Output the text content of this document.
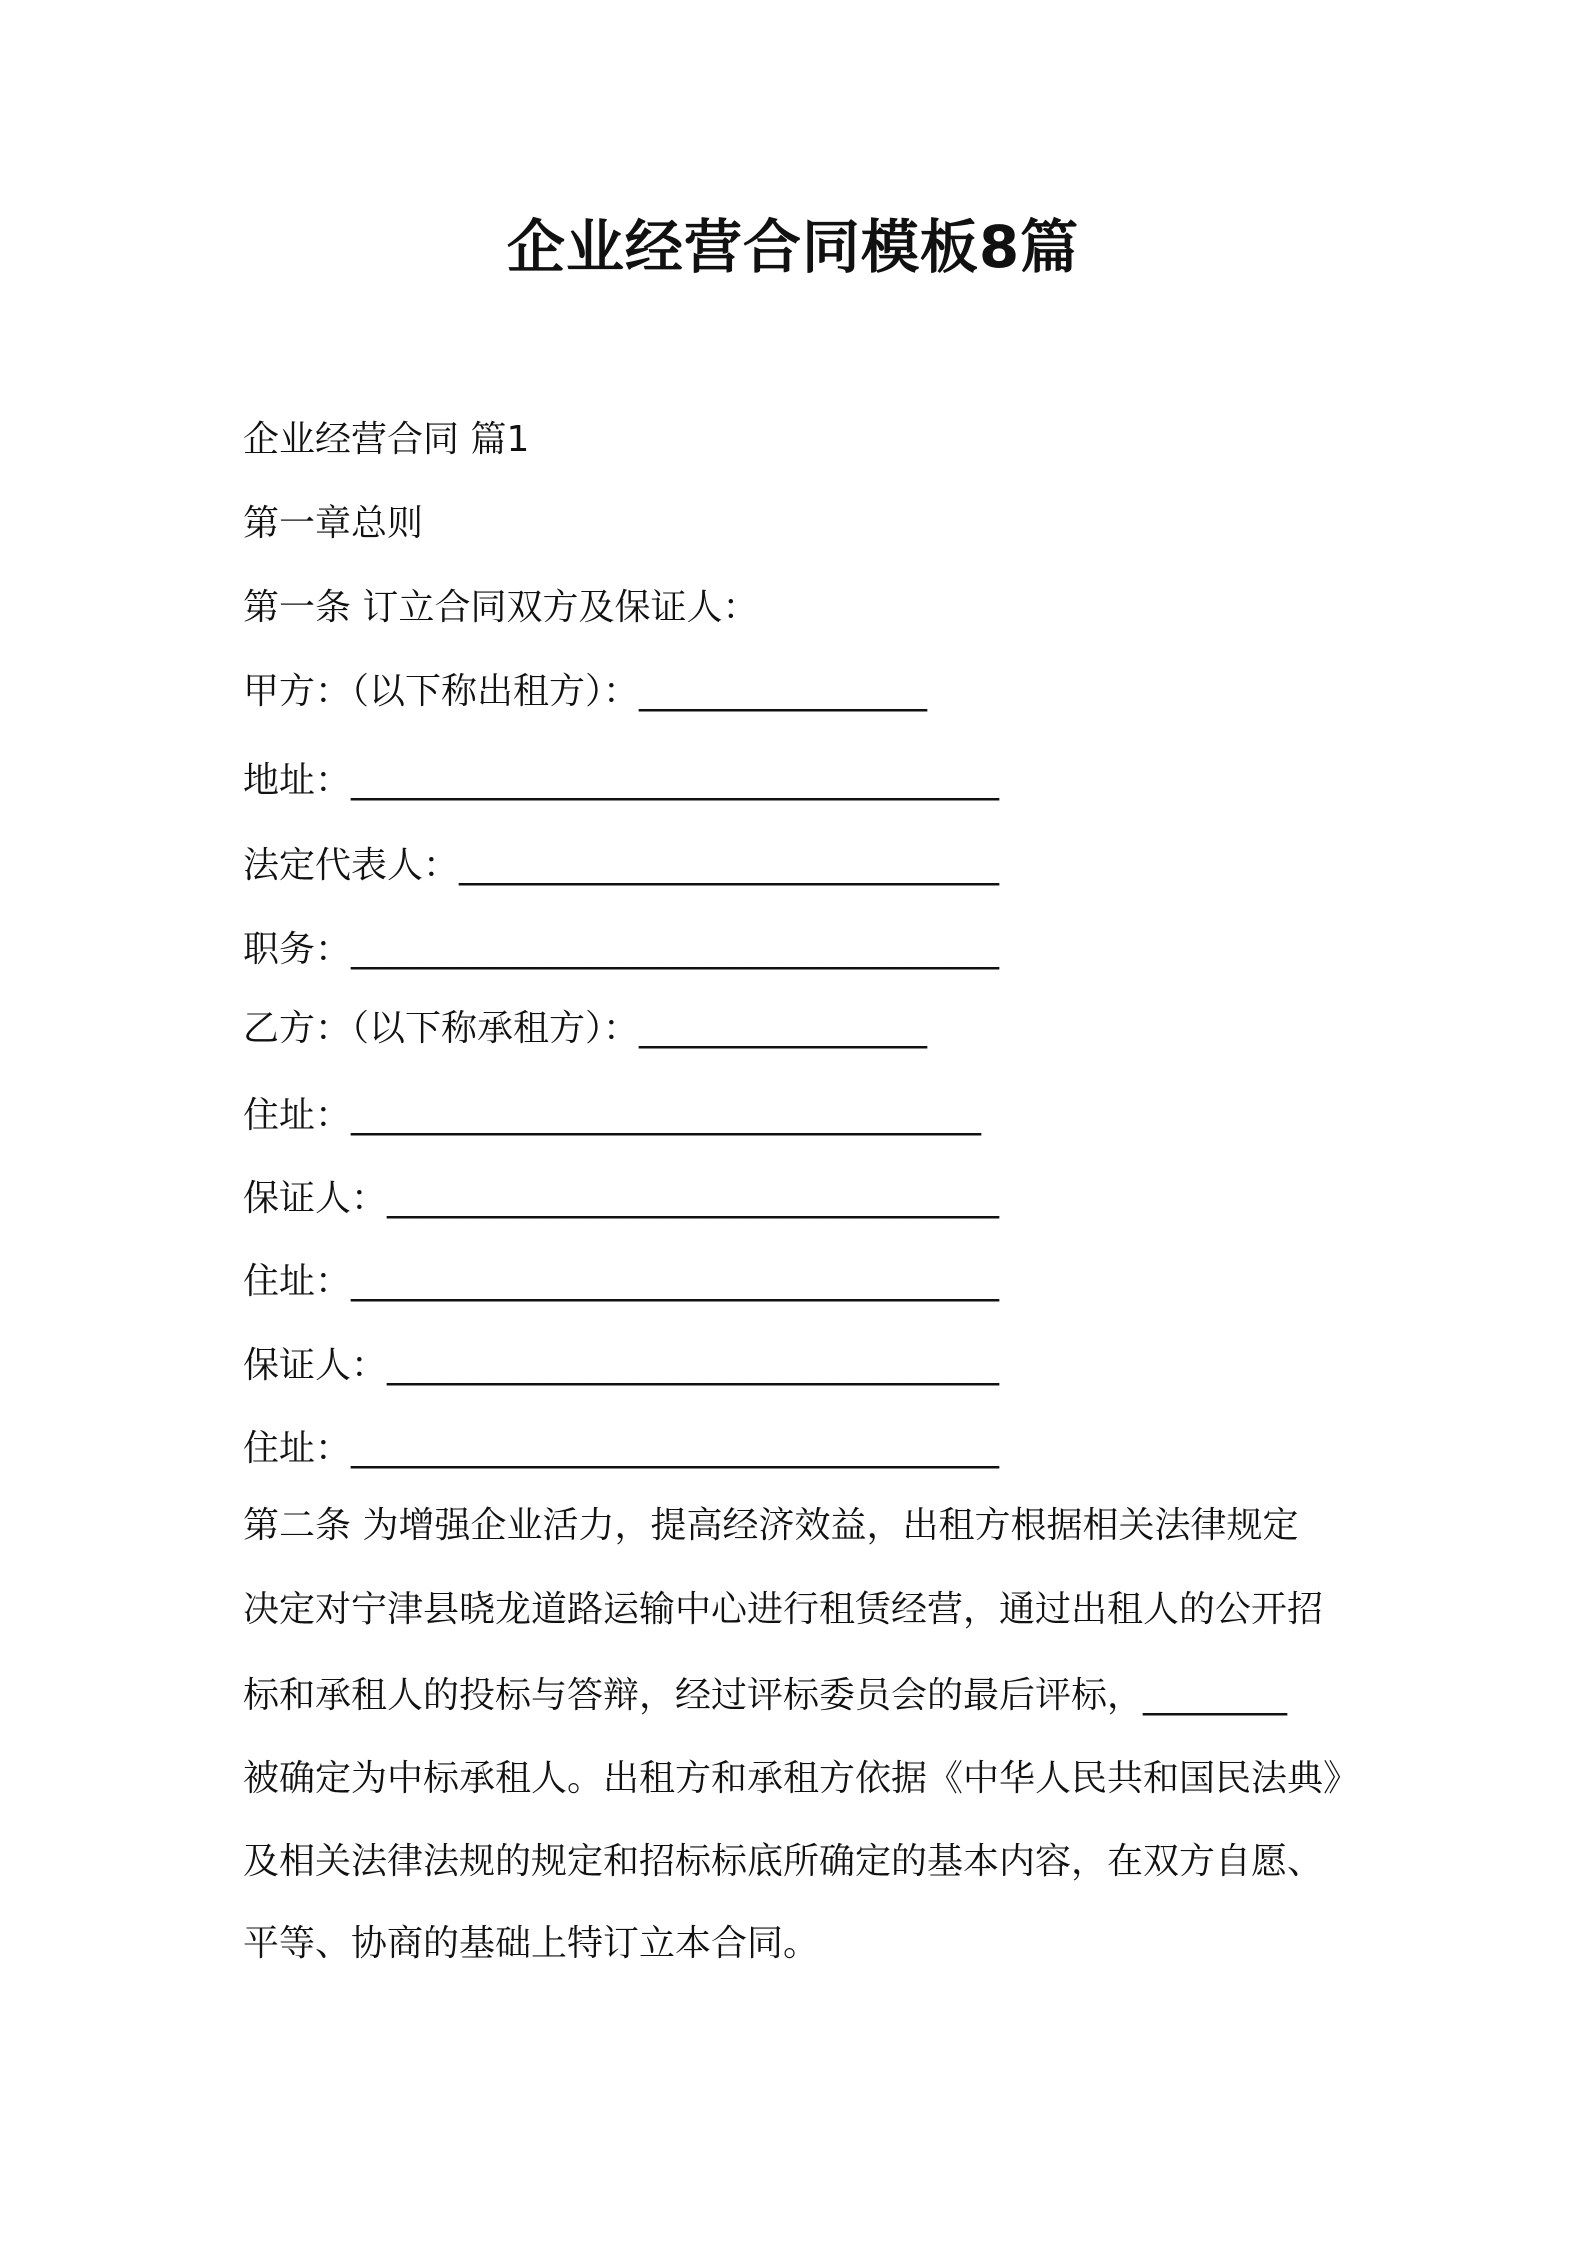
企业经营合同模板8篇

企业经营合同 篇1

第一章总则

第一条 订立合同双方及保证人：

甲方：（以下称出租方）：________________

地址：____________________________________

法定代表人：______________________________

职务：____________________________________

乙方：（以下称承租方）：________________

住址：___________________________________

保证人：__________________________________

住址：____________________________________

保证人：__________________________________

住址：____________________________________

第二条 为增强企业活力，提高经济效益，出租方根据相关法律规定

决定对宁津县晓龙道路运输中心进行租赁经营，通过出租人的公开招

标和承租人的投标与答辩，经过评标委员会的最后评标，________

被确定为中标承租人。出租方和承租方依据《中华人民共和国民法典》

及相关法律法规的规定和招标标底所确定的基本内容，在双方自愿、

平等、协商的基础上特订立本合同。
